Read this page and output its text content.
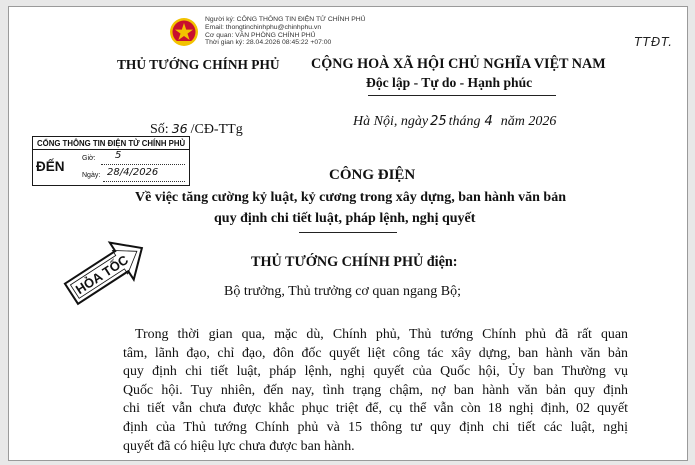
Người ký: CÔNG THÔNG TIN ĐIỆN TỬ CHÍNH PHỦ
Email: thongtinchinhphu@chinhphu.vn
Cơ quan: VĂN PHÒNG CHÍNH PHỦ
Thời gian ký: 28.04.2026 08:45:22 +07:00	TTĐT.
THỦ TƯỚNG CHÍNH PHỦ CỘNG HOÀ XÃ HỘI CHỦ NGHĨA VIỆT NAM
Độc lập - Tự do - Hạnh phúc
Số: 36 /CĐ-TTg
Hà Nội, ngày 25 tháng 4 năm 2026
CỔNG THÔNG TIN ĐIỆN TỬ CHÍNH PHỦ
ĐẾN
Giờ: 5
Ngày: 28/4/2026
HỎA TỐC
CÔNG ĐIỆN
Về việc tăng cường kỷ luật, kỷ cương trong xây dựng, ban hành văn bản
quy định chi tiết luật, pháp lệnh, nghị quyết
THỦ TƯỚNG CHÍNH PHỦ điện:
Bộ trưởng, Thủ trưởng cơ quan ngang Bộ;
Trong thời gian qua, mặc dù, Chính phủ, Thủ tướng Chính phủ đã rất quan
tâm, lãnh đạo, chỉ đạo, đôn đốc quyết liệt công tác xây dựng, ban hành văn bản
quy định chi tiết luật, pháp lệnh, nghị quyết của Quốc hội, Ủy ban Thường vụ
Quốc hội. Tuy nhiên, đến nay, tình trạng chậm, nợ ban hành văn bản quy định
chi tiết vẫn chưa được khắc phục triệt để, cụ thể vẫn còn 18 nghị định, 02 quyết
định của Thủ tướng Chính phủ và 15 thông tư quy định chi tiết các luật, nghị
quyết đã có hiệu lực chưa được ban hành.
